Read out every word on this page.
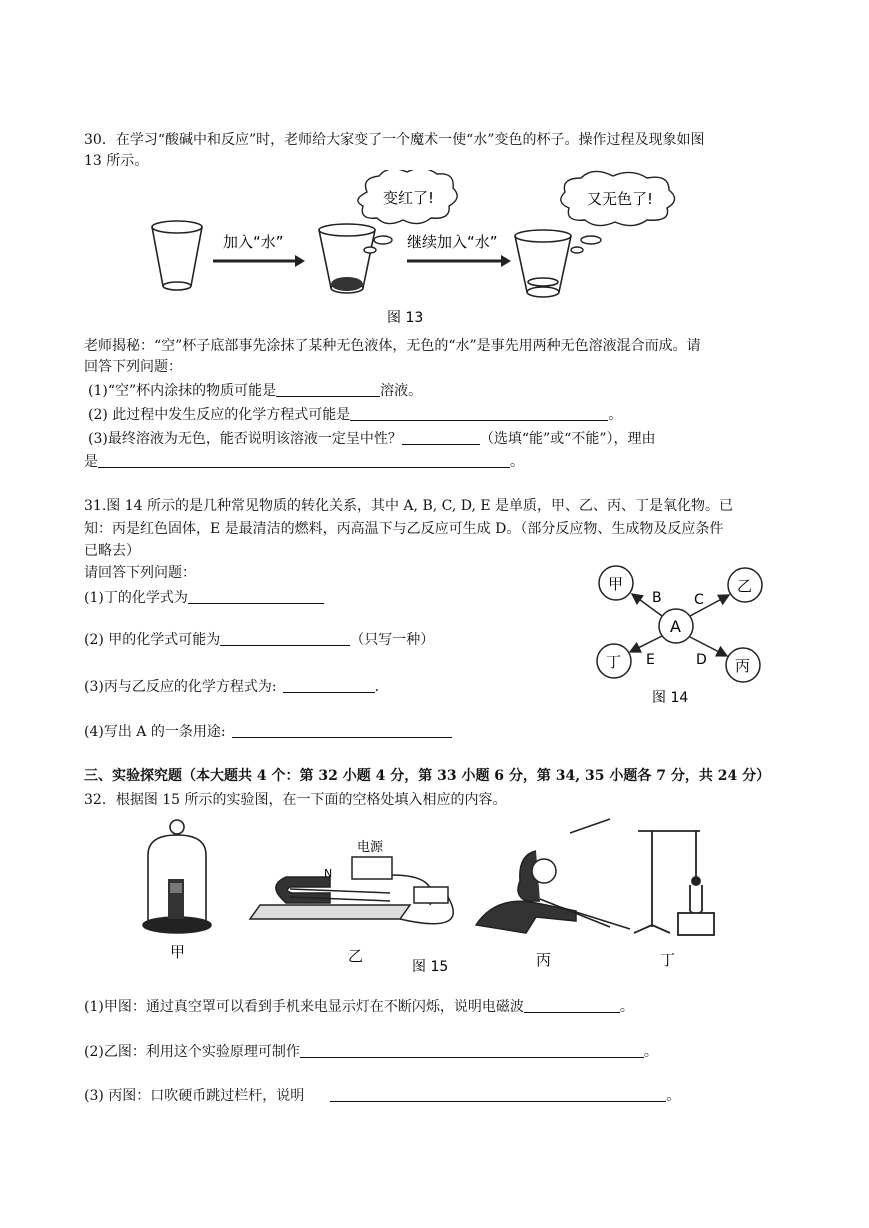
30．在学习“酸碱中和反应”时，老师给大家变了一个魔术一使“水”变色的杯子。操作过程及现象如图
13 所示。
加入“水”
变红了!
继续加入“水”
又无色了!
图 13
老师揭秘：“空”杯子底部事先涂抹了某种无色液体，无色的“水”是事先用两种无色溶液混合而成。请
回答下列问题：
(1)“空”杯内涂抹的物质可能是	溶液。
(2) 此过程中发生反应的化学方程式可能是	。
(3)最终溶液为无色，能否说明该溶液一定呈中性？	（选填“能”或“不能”），理由
是	。
31.图 14 所示的是几种常见物质的转化关系，其中 A, B, C, D, E 是单质，甲、乙、丙、丁是氧化物。已
知：丙是红色固体，E 是最清洁的燃料，丙高温下与乙反应可生成 D。（部分反应物、生成物及反应条件
已略去）
请回答下列问题：
(1)丁的化学式为
(2) 甲的化学式可能为	（只写一种）
(3)丙与乙反应的化学方程式为:	.
(4)写出 A 的一条用途:
A
甲	乙
丁	丙
B C
E	D
图 14
三、实验探究题（本大题共 4 个：第 32 小题 4 分，第 33 小题 6 分，第 34, 35 小题各 7 分，共 24 分）
32．根据图 15 所示的实验图，在一下面的空格处填入相应的内容。
甲
电源
N
乙	丙	丁
图 15
(1)甲图：通过真空罩可以看到手机来电显示灯在不断闪烁，说明电磁波	。
(2)乙图：利用这个实验原理可制作	。
(3) 丙图：口吹硬币跳过栏杆，说明	。
